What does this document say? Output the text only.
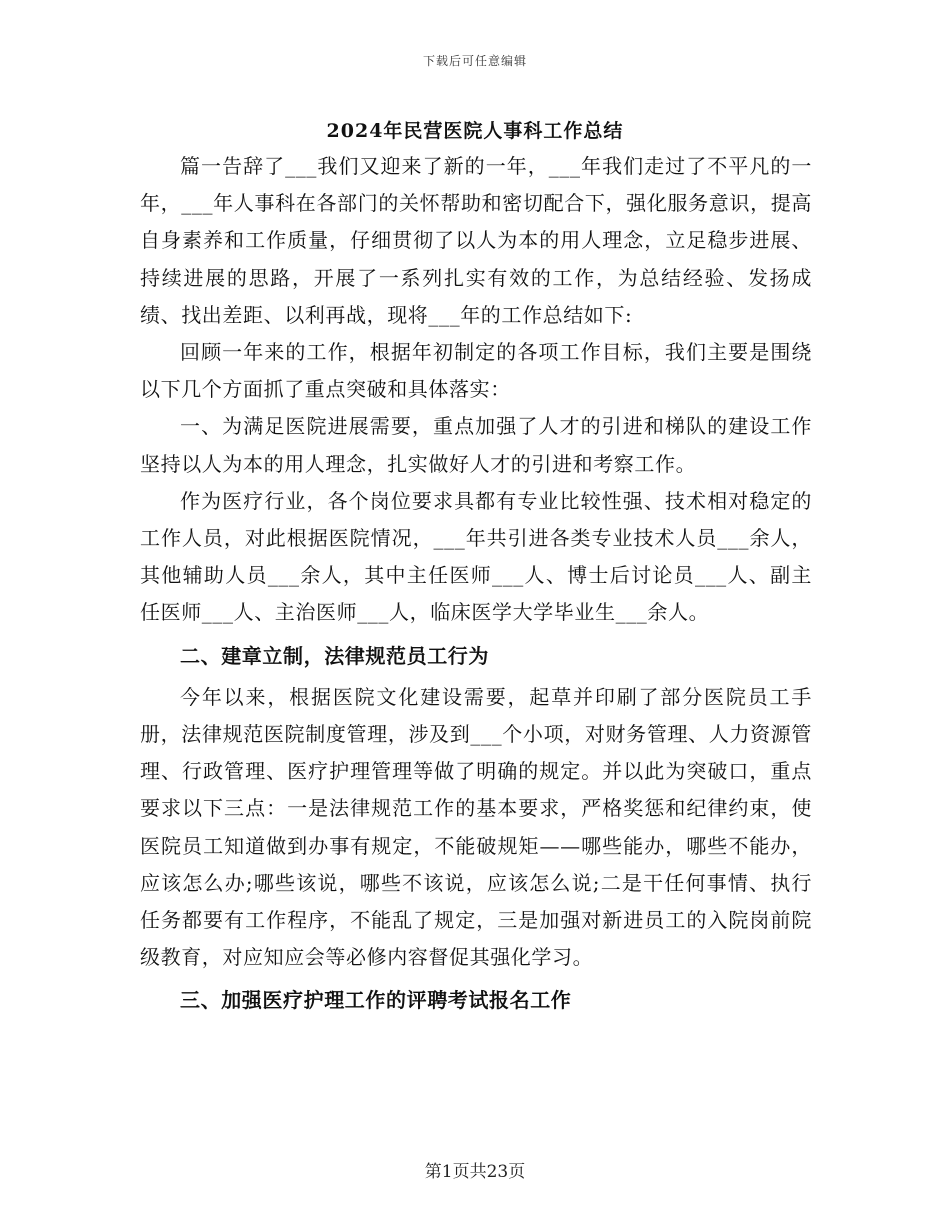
下载后可任意编辑
2024年民营医院人事科工作总结

篇一告辞了___我们又迎来了新的一年，___年我们走过了不平凡的一年，___年人事科在各部门的关怀帮助和密切配合下，强化服务意识，提高自身素养和工作质量，仔细贯彻了以人为本的用人理念，立足稳步进展、持续进展的思路，开展了一系列扎实有效的工作，为总结经验、发扬成绩、找出差距、以利再战，现将___年的工作总结如下:

回顾一年来的工作，根据年初制定的各项工作目标，我们主要是围绕以下几个方面抓了重点突破和具体落实：

一、为满足医院进展需要，重点加强了人才的引进和梯队的建设工作坚持以人为本的用人理念，扎实做好人才的引进和考察工作。

作为医疗行业，各个岗位要求具都有专业比较性强、技术相对稳定的工作人员，对此根据医院情况，___年共引进各类专业技术人员___余人，其他辅助人员___余人，其中主任医师___人、博士后讨论员___人、副主任医师___人、主治医师___人，临床医学大学毕业生___余人。

二、建章立制，法律规范员工行为

今年以来，根据医院文化建设需要，起草并印刷了部分医院员工手册，法律规范医院制度管理，涉及到___个小项，对财务管理、人力资源管理、行政管理、医疗护理管理等做了明确的规定。并以此为突破口，重点要求以下三点：一是法律规范工作的基本要求，严格奖惩和纪律约束，使医院员工知道做到办事有规定，不能破规矩——哪些能办，哪些不能办，应该怎么办;哪些该说，哪些不该说，应该怎么说;二是干任何事情、执行任务都要有工作程序，不能乱了规定，三是加强对新进员工的入院岗前院级教育，对应知应会等必修内容督促其强化学习。

三、加强医疗护理工作的评聘考试报名工作

第1页共23页
